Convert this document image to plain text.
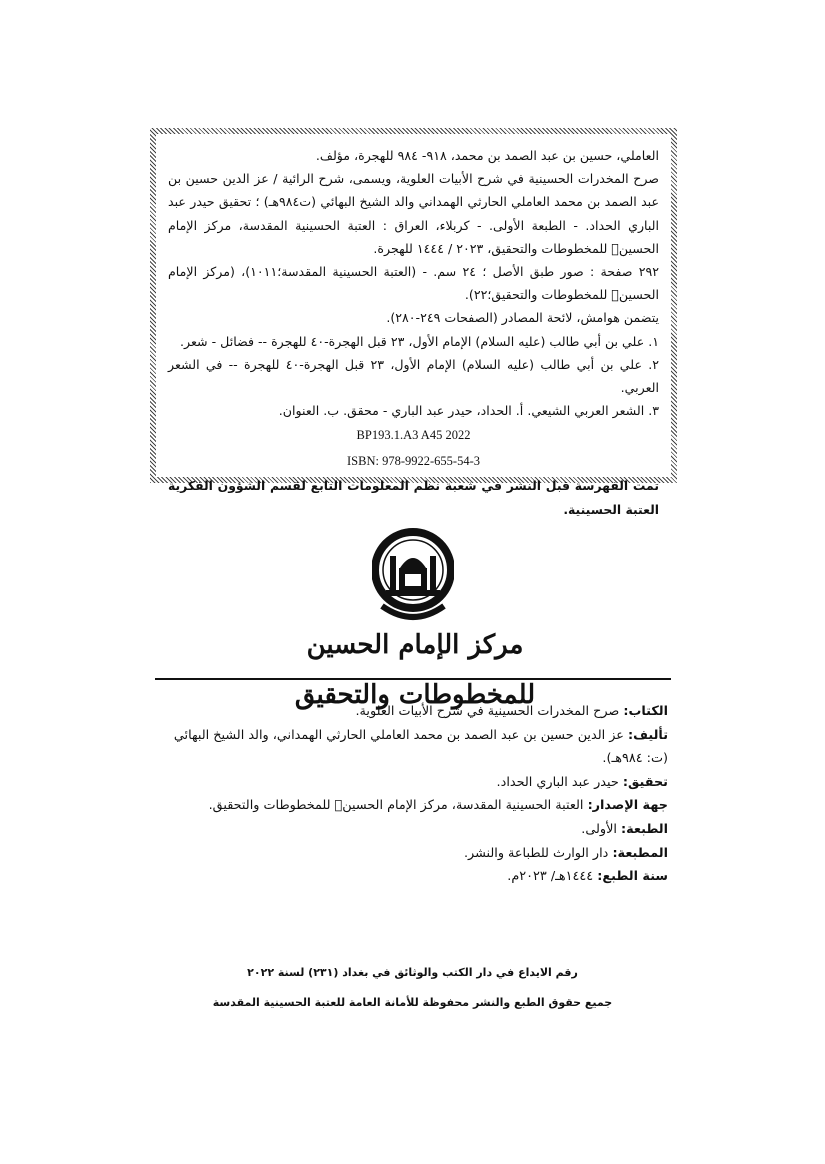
العاملي، حسين بن عبد الصمد بن محمد، ٩١٨- ٩٨٤ للهجرة، مؤلف.

صرح المخدرات الحسينية في شرح الأبيات العلوية، ويسمى، شرح الرائية / عز الدين حسين بن عبد الصمد بن محمد العاملي الحارثي الهمداني والد الشيخ البهائي (ت٩٨٤هـ) ؛ تحقيق حيدر عبد الباري الحداد. - الطبعة الأولى. - كربلاء، العراق : العتبة الحسينية المقدسة، مركز الإمام الحسين﷤ للمخطوطات والتحقيق، ٢٠٢٣ / ١٤٤٤ للهجرة.

٢٩٢ صفحة : صور طبق الأصل ؛ ٢٤ سم. - (العتبة الحسينية المقدسة؛١٠١١)، (مركز الإمام الحسين﷤ للمخطوطات والتحقيق؛٢٢).

يتضمن هوامش، لائحة المصادر (الصفحات ٢٤٩-٢٨٠).

١. علي بن أبي طالب (عليه السلام) الإمام الأول، ٢٣ قبل الهجرة-٤٠ للهجرة -- فضائل - شعر.

٢. علي بن أبي طالب (عليه السلام) الإمام الأول، ٢٣ قبل الهجرة-٤٠ للهجرة -- في الشعر العربي.

٣. الشعر العربي الشيعي. أ. الحداد، حيدر عبد الباري - محقق. ب. العنوان.

BP193.1.A3 A45 2022

ISBN: 978-9922-655-54-3

تمت الفهرسة قبل النشر في شعبة نظم المعلومات التابع لقسم الشؤون الفكرية العتبة الحسينية.

مركز الإمام الحسين للمخطوطات والتحقيق

الكتاب: صرح المخدرات الحسينية في شرح الأبيات العلوية.

تأليف: عز الدين حسين بن عبد الصمد بن محمد العاملي الحارثي الهمداني، والد الشيخ البهائي (ت: ٩٨٤هـ).

تحقيق: حيدر عبد الباري الحداد.

جهة الإصدار: العتبة الحسينية المقدسة، مركز الإمام الحسين﷤ للمخطوطات والتحقيق.

الطبعة: الأولى.

المطبعة: دار الوارث للطباعة والنشر.

سنة الطبع: ١٤٤٤هـ/ ٢٠٢٣م.

رقم الايداع في دار الكتب والوثائق في بغداد (٢٣١) لسنة ٢٠٢٢
جميع حقوق الطبع والنشر محفوظة للأمانة العامة للعتبة الحسينية المقدسة
